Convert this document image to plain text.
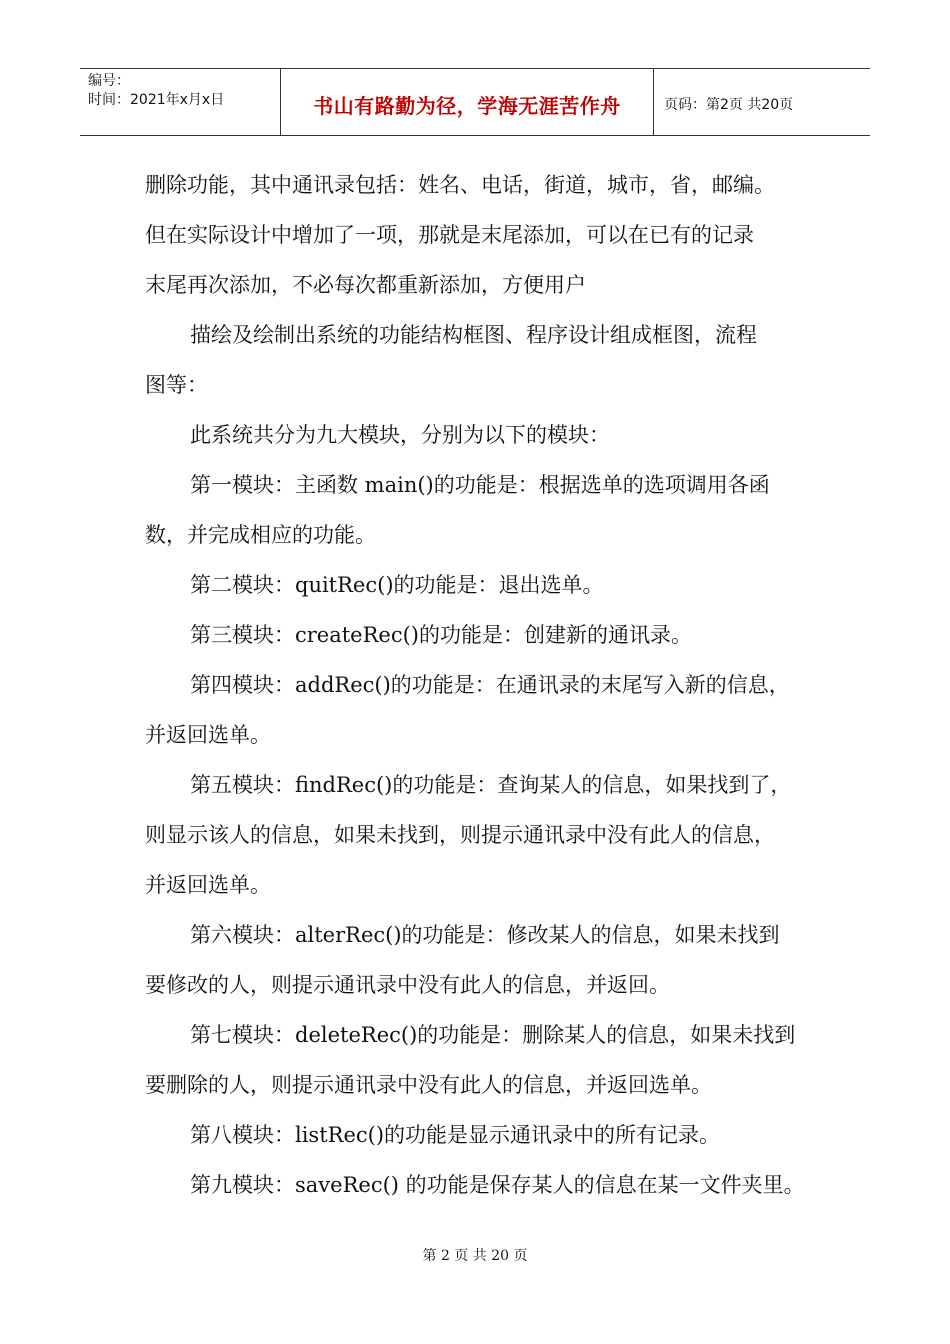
编号：
时间：2021年x月x日	书山有路勤为径，学海无涯苦作舟	页码：第2页 共20页
删除功能，其中通讯录包括：姓名、电话，街道，城市，省，邮编。
但在实际设计中增加了一项，那就是末尾添加，可以在已有的记录
末尾再次添加，不必每次都重新添加，方便用户
描绘及绘制出系统的功能结构框图、程序设计组成框图，流程
图等：
此系统共分为九大模块，分别为以下的模块：
第一模块：主函数 main()的功能是：根据选单的选项调用各函
数，并完成相应的功能。
第二模块：quitRec()的功能是：退出选单。
第三模块：createRec()的功能是：创建新的通讯录。
第四模块：addRec()的功能是：在通讯录的末尾写入新的信息，
并返回选单。
第五模块：findRec()的功能是：查询某人的信息，如果找到了，
则显示该人的信息，如果未找到，则提示通讯录中没有此人的信息，
并返回选单。
第六模块：alterRec()的功能是：修改某人的信息，如果未找到
要修改的人，则提示通讯录中没有此人的信息，并返回。
第七模块：deleteRec()的功能是：删除某人的信息，如果未找到
要删除的人，则提示通讯录中没有此人的信息，并返回选单。
第八模块：listRec()的功能是显示通讯录中的所有记录。
第九模块：saveRec() 的功能是保存某人的信息在某一文件夹里。
第 2 页 共 20 页
